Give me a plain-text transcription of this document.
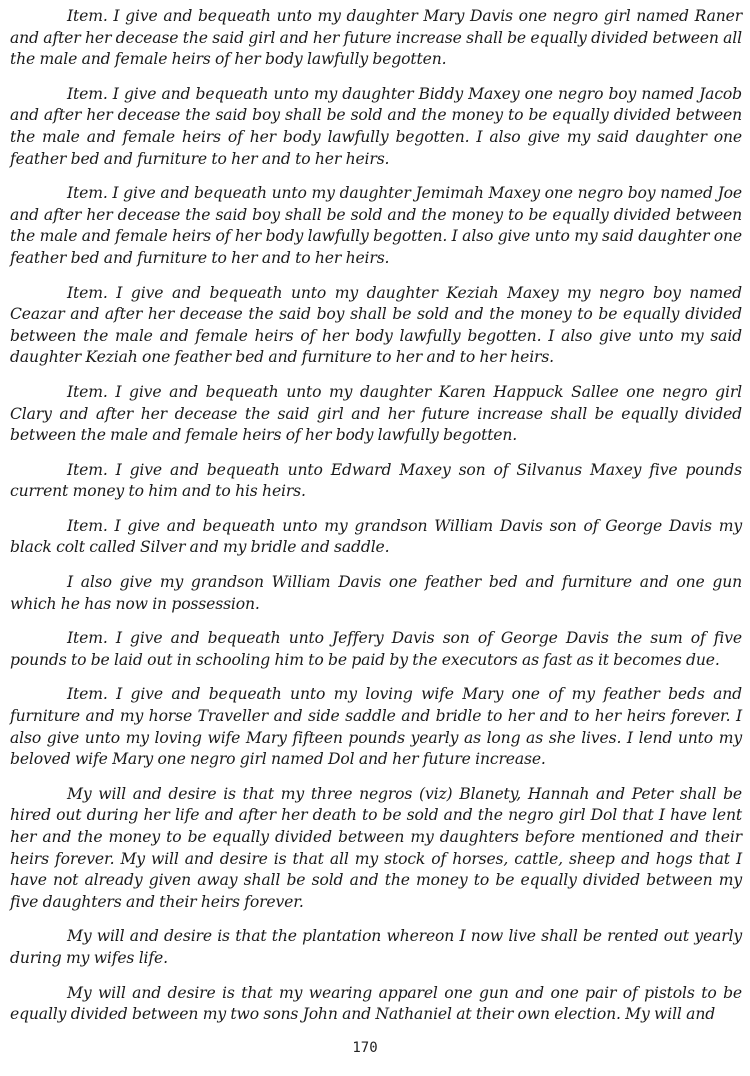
Item. I give and bequeath unto my daughter Mary Davis one negro girl named Raner and after her decease the said girl and her future increase shall be equally divided between all the male and female heirs of her body lawfully begotten.

Item. I give and bequeath unto my daughter Biddy Maxey one negro boy named Jacob and after her decease the said boy shall be sold and the money to be equally divided between the male and female heirs of her body lawfully begotten. I also give my said daughter one feather bed and furniture to her and to her heirs.

Item. I give and bequeath unto my daughter Jemimah Maxey one negro boy named Joe and after her decease the said boy shall be sold and the money to be equally divided between the male and female heirs of her body lawfully begotten. I also give unto my said daughter one feather bed and furniture to her and to her heirs.

Item. I give and bequeath unto my daughter Keziah Maxey my negro boy named Ceazar and after her decease the said boy shall be sold and the money to be equally divided between the male and female heirs of her body lawfully begotten. I also give unto my said daughter Keziah one feather bed and furniture to her and to her heirs.

Item. I give and bequeath unto my daughter Karen Happuck Sallee one negro girl Clary and after her decease the said girl and her future increase shall be equally divided between the male and female heirs of her body lawfully begotten.

Item. I give and bequeath unto Edward Maxey son of Silvanus Maxey five pounds current money to him and to his heirs.

Item. I give and bequeath unto my grandson William Davis son of George Davis my black colt called Silver and my bridle and saddle.

I also give my grandson William Davis one feather bed and furniture and one gun which he has now in possession.

Item. I give and bequeath unto Jeffery Davis son of George Davis the sum of five pounds to be laid out in schooling him to be paid by the executors as fast as it becomes due.

Item. I give and bequeath unto my loving wife Mary one of my feather beds and furniture and my horse Traveller and side saddle and bridle to her and to her heirs forever. I also give unto my loving wife Mary fifteen pounds yearly as long as she lives. I lend unto my beloved wife Mary one negro girl named Dol and her future increase.

My will and desire is that my three negros (viz) Blanety, Hannah and Peter shall be hired out during her life and after her death to be sold and the negro girl Dol that I have lent her and the money to be equally divided between my daughters before mentioned and their heirs forever. My will and desire is that all my stock of horses, cattle, sheep and hogs that I have not already given away shall be sold and the money to be equally divided between my five daughters and their heirs forever.

My will and desire is that the plantation whereon I now live shall be rented out yearly during my wifes life.

My will and desire is that my wearing apparel one gun and one pair of pistols to be equally divided between my two sons John and Nathaniel at their own election. My will and

170
